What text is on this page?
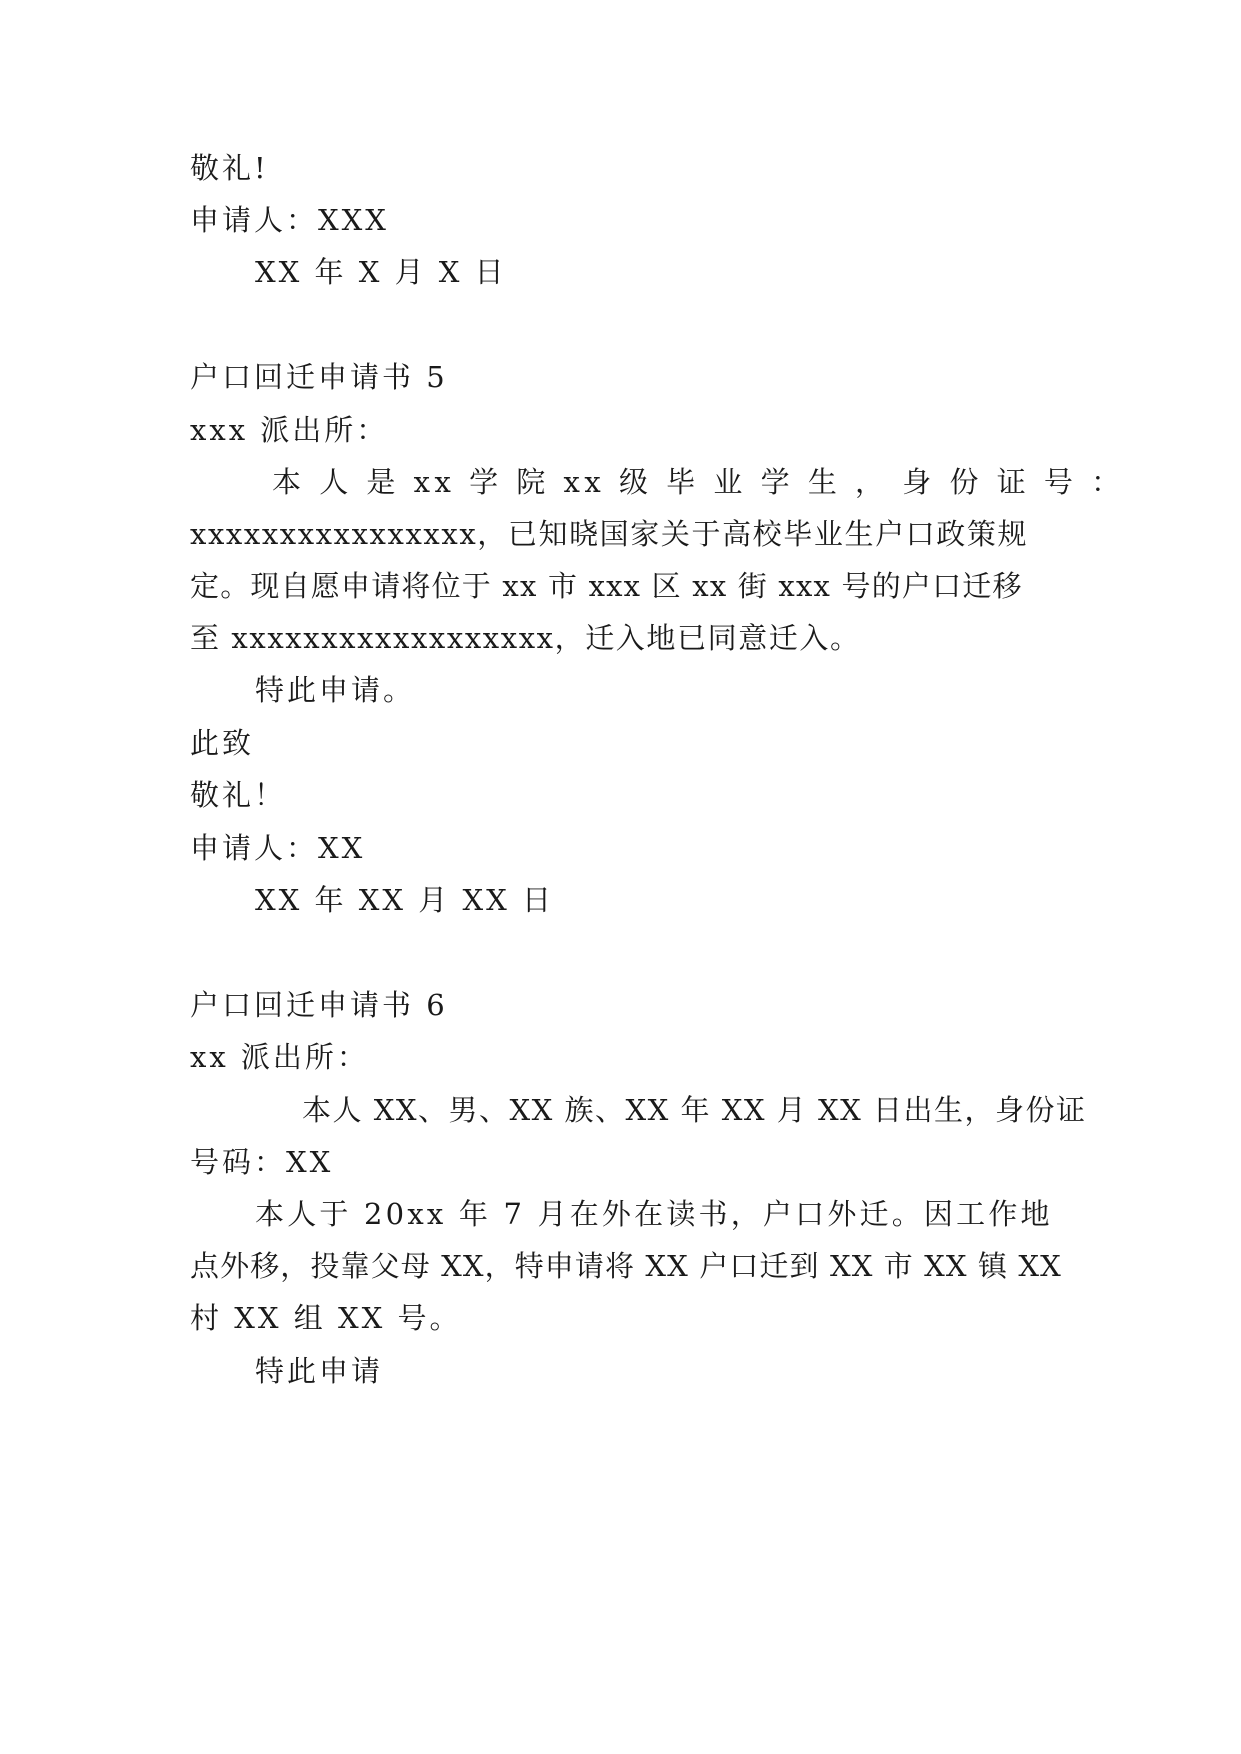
敬礼!
申请人：XXX
XX 年 X 月 X 日
户口回迁申请书 5
xxx 派出所：
本 人 是 xx 学 院 xx 级 毕 业 学 生 ， 身 份 证 号 ：
xxxxxxxxxxxxxxxx，已知晓国家关于高校毕业生户口政策规
定。现自愿申请将位于 xx 市 xxx 区 xx 街 xxx 号的户口迁移
至 xxxxxxxxxxxxxxxxxx，迁入地已同意迁入。
特此申请。
此致
敬礼！
申请人：XX
XX 年 XX 月 XX 日
户口回迁申请书 6
xx 派出所：
本人 XX、男、XX 族、XX 年 XX 月 XX 日出生，身份证
号码：XX
本人于 20xx 年 7 月在外在读书，户口外迁。因工作地
点外移，投靠父母 XX，特申请将 XX 户口迁到 XX 市 XX 镇 XX
村 XX 组 XX 号。
特此申请
